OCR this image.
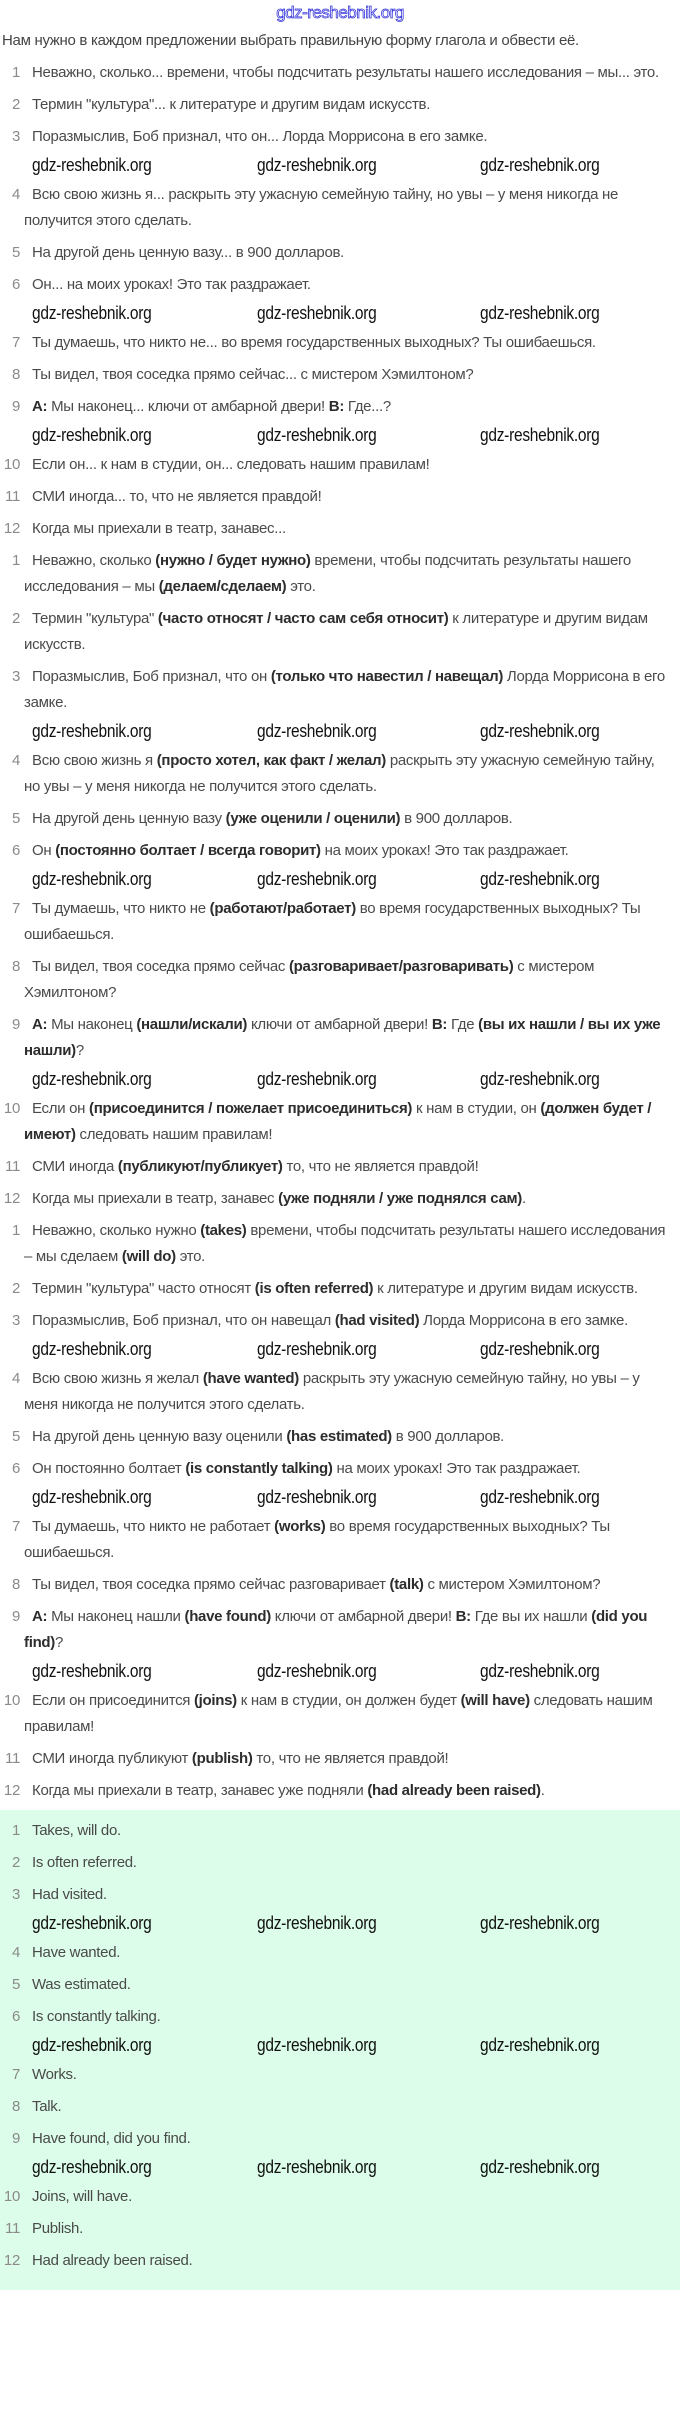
gdz-reshebnik.org
Нам нужно в каждом предложении выбрать правильную форму глагола и обвести её.
1 Неважно, сколько... времени, чтобы подсчитать результаты нашего исследования – мы... это.
2 Термин "культура"... к литературе и другим видам искусств.
3 Поразмыслив, Боб признал, что он... Лорда Моррисона в его замке.
gdz-reshebnik.org	gdz-reshebnik.org	gdz-reshebnik.org
4 Всю свою жизнь я... раскрыть эту ужасную семейную тайну, но увы – у меня никогда не получится этого сделать.
5 На другой день ценную вазу... в 900 долларов.
6 Он... на моих уроках! Это так раздражает.
gdz-reshebnik.org	gdz-reshebnik.org	gdz-reshebnik.org
7 Ты думаешь, что никто не... во время государственных выходных? Ты ошибаешься.
8 Ты видел, твоя соседка прямо сейчас... с мистером Хэмилтоном?
9 A: Мы наконец... ключи от амбарной двери! B: Где...?
gdz-reshebnik.org	gdz-reshebnik.org	gdz-reshebnik.org
10 Если он... к нам в студии, он... следовать нашим правилам!
11 СМИ иногда... то, что не является правдой!
12 Когда мы приехали в театр, занавес...
1 Неважно, сколько (нужно / будет нужно) времени, чтобы подсчитать результаты нашего исследования – мы (делаем/сделаем) это.
2 Термин "культура" (часто относят / часто сам себя относит) к литературе и другим видам искусств.
3 Поразмыслив, Боб признал, что он (только что навестил / навещал) Лорда Моррисона в его замке.
gdz-reshebnik.org	gdz-reshebnik.org	gdz-reshebnik.org
4 Всю свою жизнь я (просто хотел, как факт / желал) раскрыть эту ужасную семейную тайну, но увы – у меня никогда не получится этого сделать.
5 На другой день ценную вазу (уже оценили / оценили) в 900 долларов.
6 Он (постоянно болтает / всегда говорит) на моих уроках! Это так раздражает.
gdz-reshebnik.org	gdz-reshebnik.org	gdz-reshebnik.org
7 Ты думаешь, что никто не (работают/работает) во время государственных выходных? Ты ошибаешься.
8 Ты видел, твоя соседка прямо сейчас (разговаривает/разговаривать) с мистером Хэмилтоном?
9 A: Мы наконец (нашли/искали) ключи от амбарной двери! B: Где (вы их нашли / вы их уже нашли)?
gdz-reshebnik.org	gdz-reshebnik.org	gdz-reshebnik.org
10 Если он (присоединится / пожелает присоединиться) к нам в студии, он (должен будет / имеют) следовать нашим правилам!
11 СМИ иногда (публикуют/публикует) то, что не является правдой!
12 Когда мы приехали в театр, занавес (уже подняли / уже поднялся сам).
1 Неважно, сколько нужно (takes) времени, чтобы подсчитать результаты нашего исследования – мы сделаем (will do) это.
2 Термин "культура" часто относят (is often referred) к литературе и другим видам искусств.
3 Поразмыслив, Боб признал, что он навещал (had visited) Лорда Моррисона в его замке.
gdz-reshebnik.org	gdz-reshebnik.org	gdz-reshebnik.org
4 Всю свою жизнь я желал (have wanted) раскрыть эту ужасную семейную тайну, но увы – у меня никогда не получится этого сделать.
5 На другой день ценную вазу оценили (has estimated) в 900 долларов.
6 Он постоянно болтает (is constantly talking) на моих уроках! Это так раздражает.
gdz-reshebnik.org	gdz-reshebnik.org	gdz-reshebnik.org
7 Ты думаешь, что никто не работает (works) во время государственных выходных? Ты ошибаешься.
8 Ты видел, твоя соседка прямо сейчас разговаривает (talk) с мистером Хэмилтоном?
9 A: Мы наконец нашли (have found) ключи от амбарной двери! B: Где вы их нашли (did you find)?
gdz-reshebnik.org	gdz-reshebnik.org	gdz-reshebnik.org
10 Если он присоединится (joins) к нам в студии, он должен будет (will have) следовать нашим правилам!
11 СМИ иногда публикуют (publish) то, что не является правдой!
12 Когда мы приехали в театр, занавес уже подняли (had already been raised).
1 Takes, will do.
2 Is often referred.
3 Had visited.
gdz-reshebnik.org	gdz-reshebnik.org	gdz-reshebnik.org
4 Have wanted.
5 Was estimated.
6 Is constantly talking.
gdz-reshebnik.org	gdz-reshebnik.org	gdz-reshebnik.org
7 Works.
8 Talk.
9 Have found, did you find.
gdz-reshebnik.org	gdz-reshebnik.org	gdz-reshebnik.org
10 Joins, will have.
11 Publish.
12 Had already been raised.
